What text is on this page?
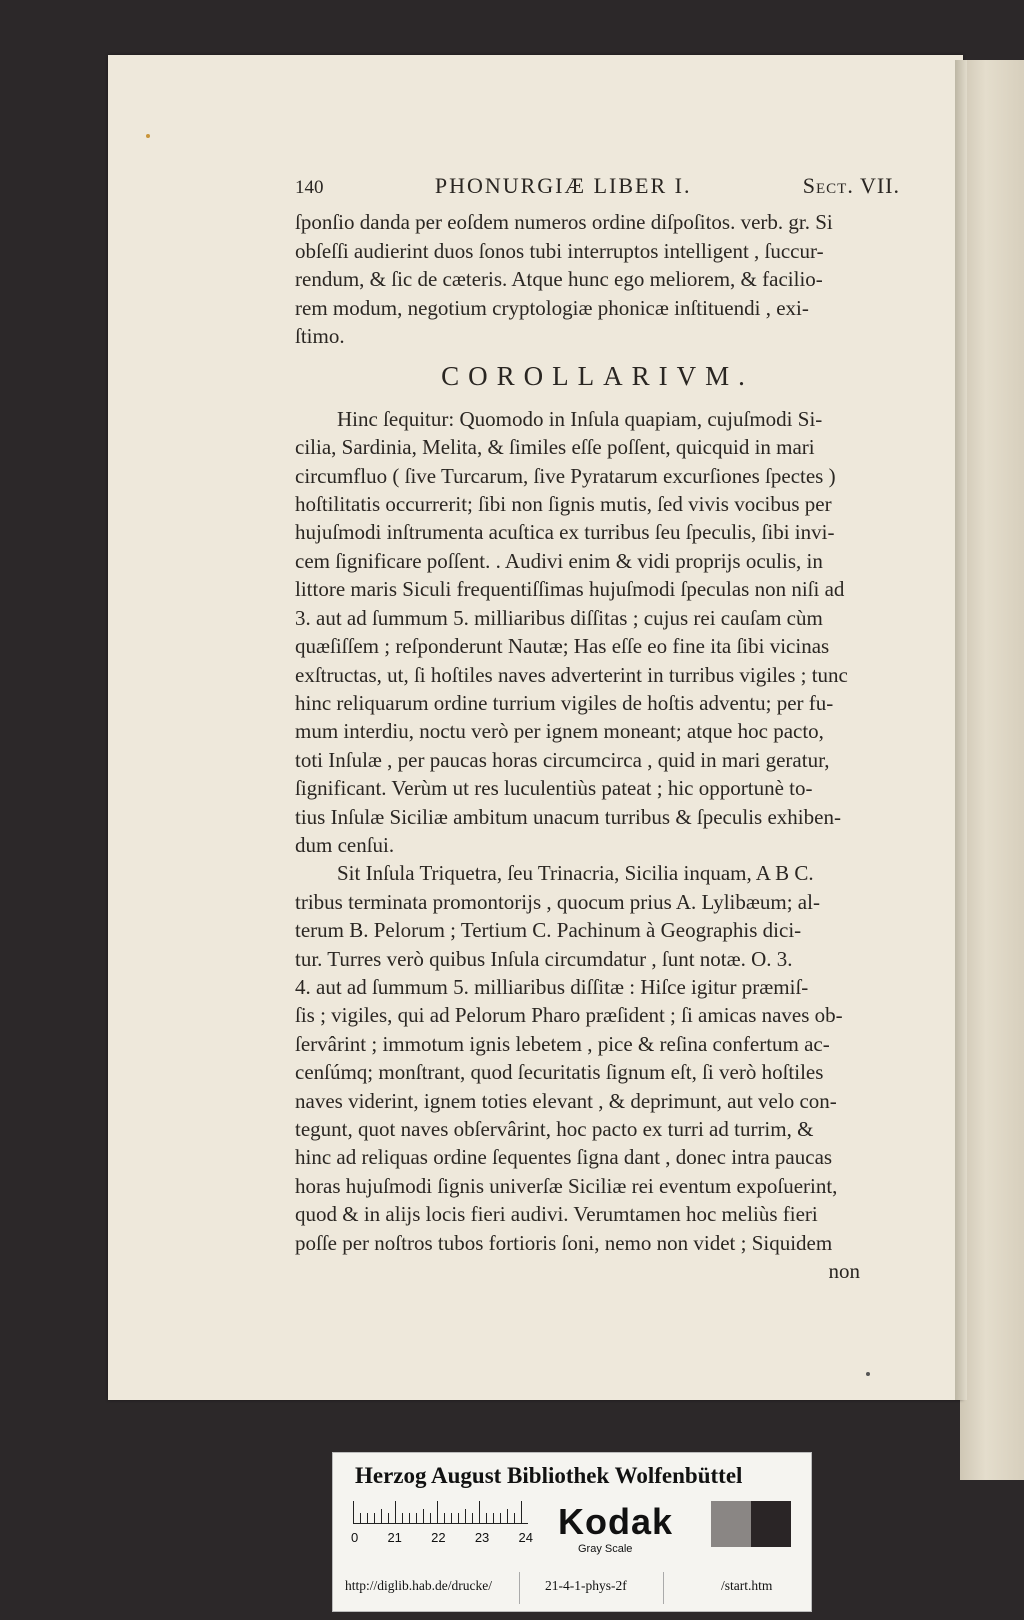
140	PHONURGIÆ LIBER I.	Sect. VII.

ſponſio danda per eoſdem numeros ordine diſpoſitos. verb. gr. Si

obſeſſi audierint duos ſonos tubi interruptos intelligent , ſuccur-

rendum, & ſic de cæteris. Atque hunc ego meliorem, & facilio-

rem modum, negotium cryptologiæ phonicæ inſtituendi , exi-

ſtimo.

COROLLARIVM.

Hinc ſequitur: Quomodo in Inſula quapiam, cujuſmodi Si-

cilia, Sardinia, Melita, & ſimiles eſſe poſſent, quicquid in mari

circumfluo ( ſive Turcarum, ſive Pyratarum excurſiones ſpectes )

hoſtilitatis occurrerit; ſibi non ſignis mutis, ſed vivis vocibus per

hujuſmodi inſtrumenta acuſtica ex turribus ſeu ſpeculis, ſibi invi-

cem ſignificare poſſent. . Audivi enim & vidi proprijs oculis, in

littore maris Siculi frequentiſſimas hujuſmodi ſpeculas non niſi ad

3. aut ad ſummum 5. milliaribus diſſitas ; cujus rei cauſam cùm

quæſiſſem ; reſponderunt Nautæ; Has eſſe eo fine ita ſibi vicinas

exſtructas, ut, ſi hoſtiles naves adverterint in turribus vigiles ; tunc

hinc reliquarum ordine turrium vigiles de hoſtis adventu; per fu-

mum interdiu, noctu verò per ignem moneant; atque hoc pacto,

toti Inſulæ , per paucas horas circumcirca , quid in mari geratur,

ſignificant. Verùm ut res luculentiùs pateat ; hic opportunè to-

tius Inſulæ Siciliæ ambitum unacum turribus & ſpeculis exhiben-

dum cenſui.

Sit Inſula Triquetra, ſeu Trinacria, Sicilia inquam, A B C.

tribus terminata promontorijs , quocum prius A. Lylibæum; al-

terum B. Pelorum ; Tertium C. Pachinum à Geographis dici-

tur. Turres verò quibus Inſula circumdatur , ſunt notæ. O. 3.

4. aut ad ſummum 5. milliaribus diſſitæ : Hiſce igitur præmiſ-

ſis ; vigiles, qui ad Pelorum Pharo præſident ; ſi amicas naves ob-

ſervârint ; immotum ignis lebetem , pice & reſina confertum ac-

cenſúmq; monſtrant, quod ſecuritatis ſignum eſt, ſi verò hoſtiles

naves viderint, ignem toties elevant , & deprimunt, aut velo con-

tegunt, quot naves obſervârint, hoc pacto ex turri ad turrim, &

hinc ad reliquas ordine ſequentes ſigna dant , donec intra paucas

horas hujuſmodi ſignis univerſæ Siciliæ rei eventum expoſuerint,

quod & in alijs locis fieri audivi. Verumtamen hoc meliùs fieri

poſſe per noſtros tubos fortioris ſoni, nemo non videt ; Siquidem

non
Herzog August Bibliothek Wolfenbüttel
0 21 22 23 24 Kodak
Gray Scale
http://diglib.hab.de/drucke/	21-4-1-phys-2f	/start.htm
